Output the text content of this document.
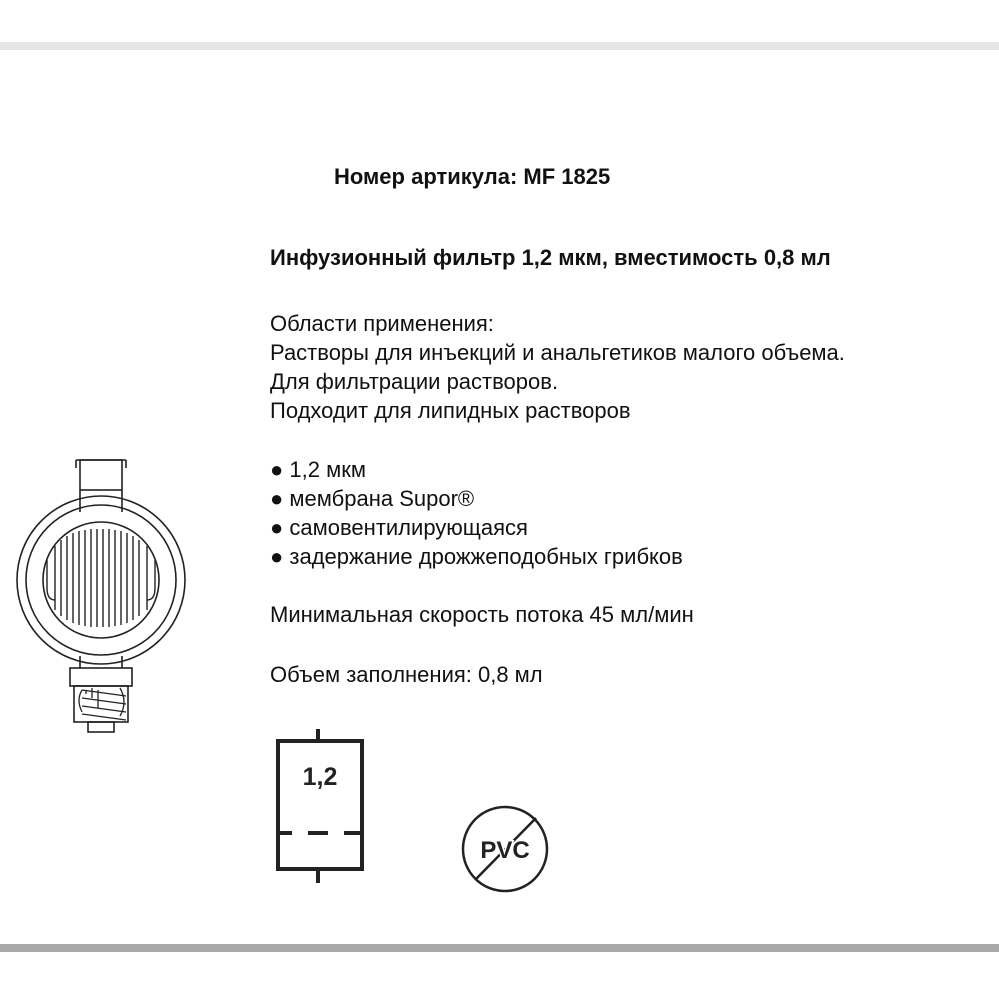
Номер артикула: MF 1825
Инфузионный фильтр 1,2 мкм, вместимость 0,8 мл
Области применения:
Растворы для инъекций и анальгетиков малого объема.
Для фильтрации растворов.
Подходит для липидных растворов
● 1,2 мкм
● мембрана Supor®
● самовентилирующаяся
● задержание дрожжеподобных грибков
Минимальная скорость потока 45 мл/мин
Объем заполнения: 0,8 мл
1,2
PVC
